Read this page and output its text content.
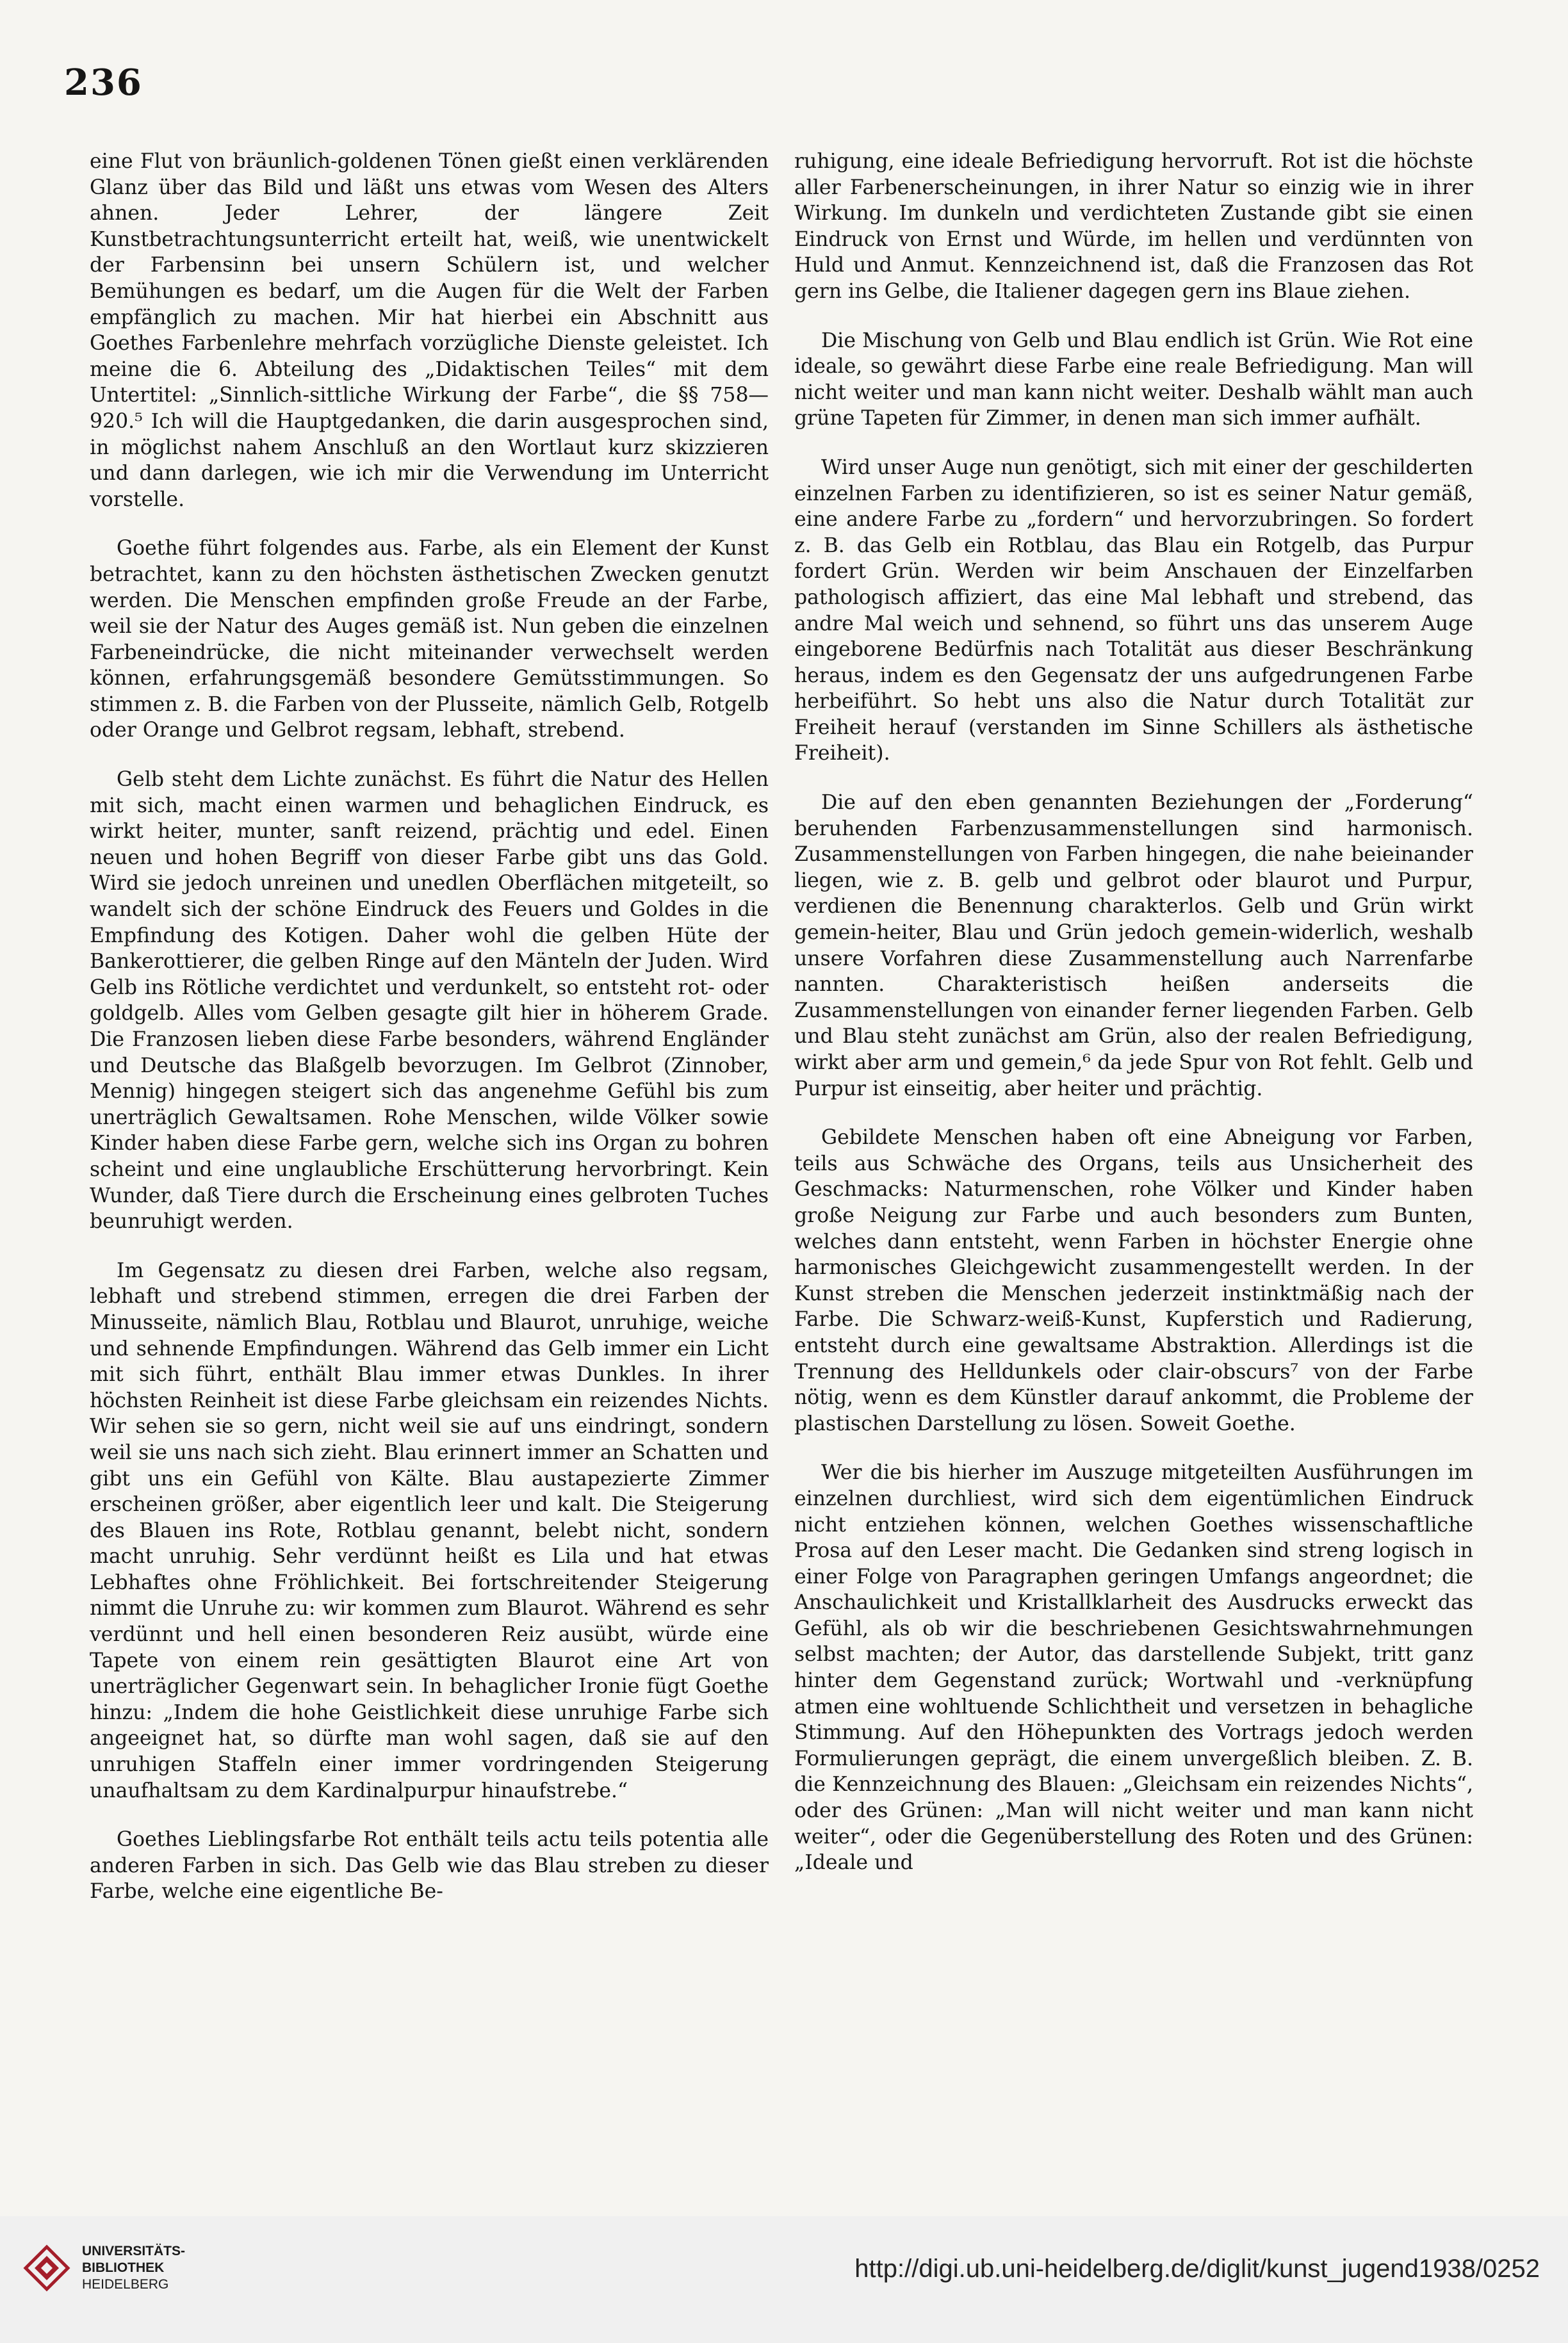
236

eine Flut von bräunlich-goldenen Tönen gießt einen verklärenden Glanz über das Bild und läßt uns etwas vom Wesen des Alters ahnen. Jeder Lehrer, der längere Zeit Kunstbetrachtungsunterricht erteilt hat, weiß, wie unentwickelt der Farbensinn bei unsern Schülern ist, und welcher Bemühungen es bedarf, um die Augen für die Welt der Farben empfänglich zu machen. Mir hat hierbei ein Abschnitt aus Goethes Farbenlehre mehrfach vorzügliche Dienste geleistet. Ich meine die 6. Abteilung des „Didaktischen Teiles“ mit dem Untertitel: „Sinnlich-sittliche Wirkung der Farbe“, die §§ 758—920.⁵ Ich will die Hauptgedanken, die darin ausgesprochen sind, in möglichst nahem Anschluß an den Wortlaut kurz skizzieren und dann darlegen, wie ich mir die Verwendung im Unterricht vorstelle.

Goethe führt folgendes aus. Farbe, als ein Element der Kunst betrachtet, kann zu den höchsten ästhetischen Zwecken genutzt werden. Die Menschen empfinden große Freude an der Farbe, weil sie der Natur des Auges gemäß ist. Nun geben die einzelnen Farbeneindrücke, die nicht miteinander verwechselt werden können, erfahrungsgemäß besondere Gemütsstimmungen. So stimmen z. B. die Farben von der Plusseite, nämlich Gelb, Rotgelb oder Orange und Gelbrot regsam, lebhaft, strebend.

Gelb steht dem Lichte zunächst. Es führt die Natur des Hellen mit sich, macht einen warmen und behaglichen Eindruck, es wirkt heiter, munter, sanft reizend, prächtig und edel. Einen neuen und hohen Begriff von dieser Farbe gibt uns das Gold. Wird sie jedoch unreinen und unedlen Oberflächen mitgeteilt, so wandelt sich der schöne Eindruck des Feuers und Goldes in die Empfindung des Kotigen. Daher wohl die gelben Hüte der Bankerottierer, die gelben Ringe auf den Mänteln der Juden. Wird Gelb ins Rötliche verdichtet und verdunkelt, so entsteht rot- oder goldgelb. Alles vom Gelben gesagte gilt hier in höherem Grade. Die Franzosen lieben diese Farbe besonders, während Engländer und Deutsche das Blaßgelb bevorzugen. Im Gelbrot (Zinnober, Mennig) hingegen steigert sich das angenehme Gefühl bis zum unerträglich Gewaltsamen. Rohe Menschen, wilde Völker sowie Kinder haben diese Farbe gern, welche sich ins Organ zu bohren scheint und eine unglaubliche Erschütterung hervorbringt. Kein Wunder, daß Tiere durch die Erscheinung eines gelbroten Tuches beunruhigt werden.

Im Gegensatz zu diesen drei Farben, welche also regsam, lebhaft und strebend stimmen, erregen die drei Farben der Minusseite, nämlich Blau, Rotblau und Blaurot, unruhige, weiche und sehnende Empfindungen. Während das Gelb immer ein Licht mit sich führt, enthält Blau immer etwas Dunkles. In ihrer höchsten Reinheit ist diese Farbe gleichsam ein reizendes Nichts. Wir sehen sie so gern, nicht weil sie auf uns eindringt, sondern weil sie uns nach sich zieht. Blau erinnert immer an Schatten und gibt uns ein Gefühl von Kälte. Blau austapezierte Zimmer erscheinen größer, aber eigentlich leer und kalt. Die Steigerung des Blauen ins Rote, Rotblau genannt, belebt nicht, sondern macht unruhig. Sehr verdünnt heißt es Lila und hat etwas Lebhaftes ohne Fröhlichkeit. Bei fortschreitender Steigerung nimmt die Unruhe zu: wir kommen zum Blaurot. Während es sehr verdünnt und hell einen besonderen Reiz ausübt, würde eine Tapete von einem rein gesättigten Blaurot eine Art von unerträglicher Gegenwart sein. In behaglicher Ironie fügt Goethe hinzu: „Indem die hohe Geistlichkeit diese unruhige Farbe sich angeeignet hat, so dürfte man wohl sagen, daß sie auf den unruhigen Staffeln einer immer vordringenden Steigerung unaufhaltsam zu dem Kardinalpurpur hinaufstrebe.“

Goethes Lieblingsfarbe Rot enthält teils actu teils potentia alle anderen Farben in sich. Das Gelb wie das Blau streben zu dieser Farbe, welche eine eigentliche Be-

ruhigung, eine ideale Befriedigung hervorruft. Rot ist die höchste aller Farbenerscheinungen, in ihrer Natur so einzig wie in ihrer Wirkung. Im dunkeln und verdichteten Zustande gibt sie einen Eindruck von Ernst und Würde, im hellen und verdünnten von Huld und Anmut. Kennzeichnend ist, daß die Franzosen das Rot gern ins Gelbe, die Italiener dagegen gern ins Blaue ziehen.

Die Mischung von Gelb und Blau endlich ist Grün. Wie Rot eine ideale, so gewährt diese Farbe eine reale Befriedigung. Man will nicht weiter und man kann nicht weiter. Deshalb wählt man auch grüne Tapeten für Zimmer, in denen man sich immer aufhält.

Wird unser Auge nun genötigt, sich mit einer der geschilderten einzelnen Farben zu identifizieren, so ist es seiner Natur gemäß, eine andere Farbe zu „fordern“ und hervorzubringen. So fordert z. B. das Gelb ein Rotblau, das Blau ein Rotgelb, das Purpur fordert Grün. Werden wir beim Anschauen der Einzelfarben pathologisch affiziert, das eine Mal lebhaft und strebend, das andre Mal weich und sehnend, so führt uns das unserem Auge eingeborene Bedürfnis nach Totalität aus dieser Beschränkung heraus, indem es den Gegensatz der uns aufgedrungenen Farbe herbeiführt. So hebt uns also die Natur durch Totalität zur Freiheit herauf (verstanden im Sinne Schillers als ästhetische Freiheit).

Die auf den eben genannten Beziehungen der „Forderung“ beruhenden Farbenzusammenstellungen sind harmonisch. Zusammenstellungen von Farben hingegen, die nahe beieinander liegen, wie z. B. gelb und gelbrot oder blaurot und Purpur, verdienen die Benennung charakterlos. Gelb und Grün wirkt gemein-heiter, Blau und Grün jedoch gemein-widerlich, weshalb unsere Vorfahren diese Zusammenstellung auch Narrenfarbe nannten. Charakteristisch heißen anderseits die Zusammenstellungen von einander ferner liegenden Farben. Gelb und Blau steht zunächst am Grün, also der realen Befriedigung, wirkt aber arm und gemein,⁶ da jede Spur von Rot fehlt. Gelb und Purpur ist einseitig, aber heiter und prächtig.

Gebildete Menschen haben oft eine Abneigung vor Farben, teils aus Schwäche des Organs, teils aus Unsicherheit des Geschmacks: Naturmenschen, rohe Völker und Kinder haben große Neigung zur Farbe und auch besonders zum Bunten, welches dann entsteht, wenn Farben in höchster Energie ohne harmonisches Gleichgewicht zusammengestellt werden. In der Kunst streben die Menschen jederzeit instinktmäßig nach der Farbe. Die Schwarz-weiß-Kunst, Kupferstich und Radierung, entsteht durch eine gewaltsame Abstraktion. Allerdings ist die Trennung des Helldunkels oder clair-obscurs⁷ von der Farbe nötig, wenn es dem Künstler darauf ankommt, die Probleme der plastischen Darstellung zu lösen. Soweit Goethe.

Wer die bis hierher im Auszuge mitgeteilten Ausführungen im einzelnen durchliest, wird sich dem eigentümlichen Eindruck nicht entziehen können, welchen Goethes wissenschaftliche Prosa auf den Leser macht. Die Gedanken sind streng logisch in einer Folge von Paragraphen geringen Umfangs angeordnet; die Anschaulichkeit und Kristallklarheit des Ausdrucks erweckt das Gefühl, als ob wir die beschriebenen Gesichtswahrnehmungen selbst machten; der Autor, das darstellende Subjekt, tritt ganz hinter dem Gegenstand zurück; Wortwahl und -verknüpfung atmen eine wohltuende Schlichtheit und versetzen in behagliche Stimmung. Auf den Höhepunkten des Vortrags jedoch werden Formulierungen geprägt, die einem unvergeßlich bleiben. Z. B. die Kennzeichnung des Blauen: „Gleichsam ein reizendes Nichts“, oder des Grünen: „Man will nicht weiter und man kann nicht weiter“, oder die Gegenüberstellung des Roten und des Grünen: „Ideale und

UNIVERSITÄTS-
BIBLIOTHEK
HEIDELBERG
http://digi.ub.uni-heidelberg.de/diglit/kunst_jugend1938/0252
